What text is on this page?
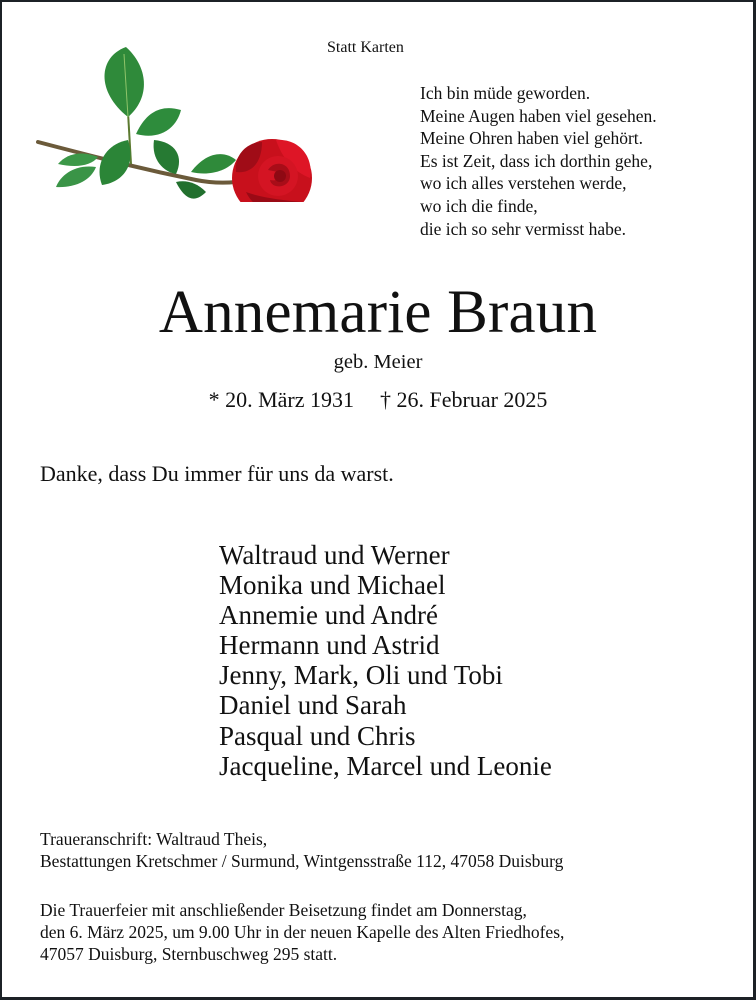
Statt Karten
Ich bin müde geworden.
Meine Augen haben viel gesehen.
Meine Ohren haben viel gehört.
Es ist Zeit, dass ich dorthin gehe,
wo ich alles verstehen werde,
wo ich die finde,
die ich so sehr vermisst habe.
Annemarie Braun
geb. Meier
* 20. März 1931 † 26. Februar 2025
Danke, dass Du immer für uns da warst.
Waltraud und Werner
Monika und Michael
Annemie und André
Hermann und Astrid
Jenny, Mark, Oli und Tobi
Daniel und Sarah
Pasqual und Chris
Jacqueline, Marcel und Leonie
Traueranschrift: Waltraud Theis,
Bestattungen Kretschmer / Surmund, Wintgensstraße 112, 47058 Duisburg
Die Trauerfeier mit anschließender Beisetzung findet am Donnerstag,
den 6. März 2025, um 9.00 Uhr in der neuen Kapelle des Alten Friedhofes,
47057 Duisburg, Sternbuschweg 295 statt.
